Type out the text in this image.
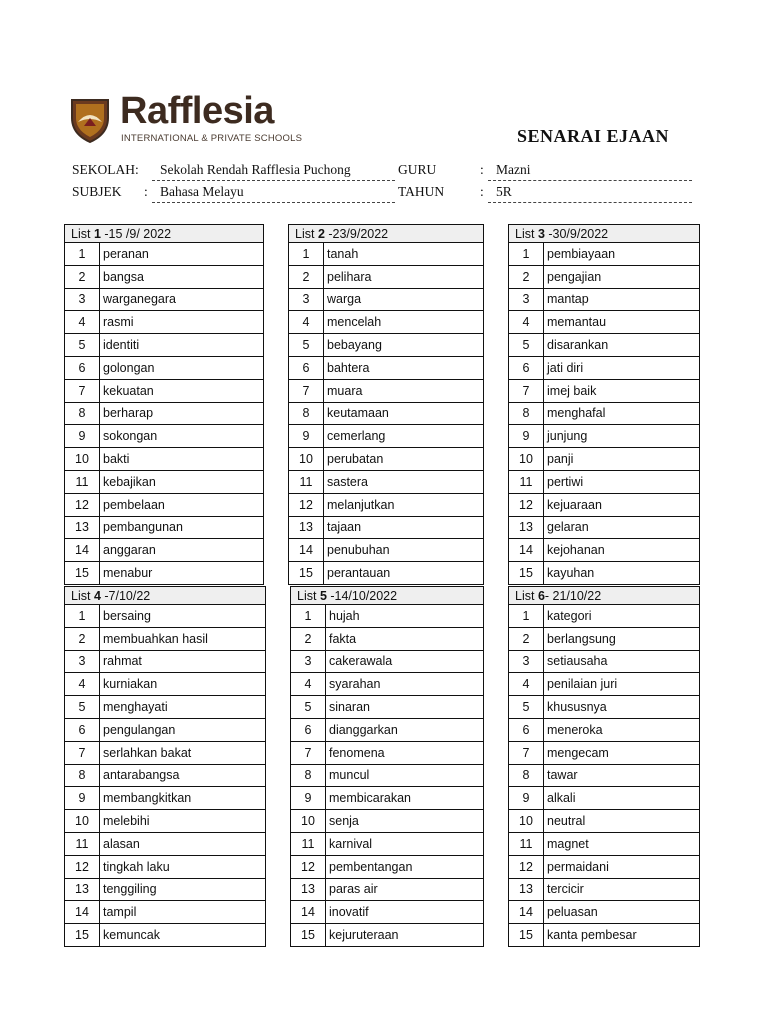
Rafflesia
INTERNATIONAL & PRIVATE SCHOOLS	SENARAI EJAAN
SEKOLAH:	Sekolah Rendah Rafflesia Puchong	GURU	: Mazni
SUBJEK : Bahasa Melayu	TAHUN	: 5R
List 1 -15 /9/ 2022	
1	peranan
2	bangsa
3	warganegara
4	rasmi
5	identiti
6	golongan
7	kekuatan
8	berharap
9	sokongan
10	bakti
11	kebajikan
12	pembelaan
13	pembangunan
14	anggaran
15	menabur
List 2 -23/9/2022	
1	tanah
2	pelihara
3	warga
4	mencelah
5	bebayang
6	bahtera
7	muara
8	keutamaan
9	cemerlang
10	perubatan
11	sastera
12	melanjutkan
13	tajaan
14	penubuhan
15	perantauan
List 3 -30/9/2022	
1	pembiayaan
2	pengajian
3	mantap
4	memantau
5	disarankan
6	jati diri
7	imej baik
8	menghafal
9	junjung
10	panji
11	pertiwi
12	kejuaraan
13	gelaran
14	kejohanan
15	kayuhan
List 4 -7/10/22	
1	bersaing
2	membuahkan hasil
3	rahmat
4	kurniakan
5	menghayati
6	pengulangan
7	serlahkan bakat
8	antarabangsa
9	membangkitkan
10	melebihi
11	alasan
12	tingkah laku
13	tenggiling
14	tampil
15	kemuncak
List 5 -14/10/2022	
1	hujah
2	fakta
3	cakerawala
4	syarahan
5	sinaran
6	dianggarkan
7	fenomena
8	muncul
9	membicarakan
10	senja
11	karnival
12	pembentangan
13	paras air
14	inovatif
15	kejuruteraan
List 6- 21/10/22	
1	kategori
2	berlangsung
3	setiausaha
4	penilaian juri
5	khususnya
6	meneroka
7	mengecam
8	tawar
9	alkali
10	neutral
11	magnet
12	permaidani
13	tercicir
14	peluasan
15	kanta pembesar
